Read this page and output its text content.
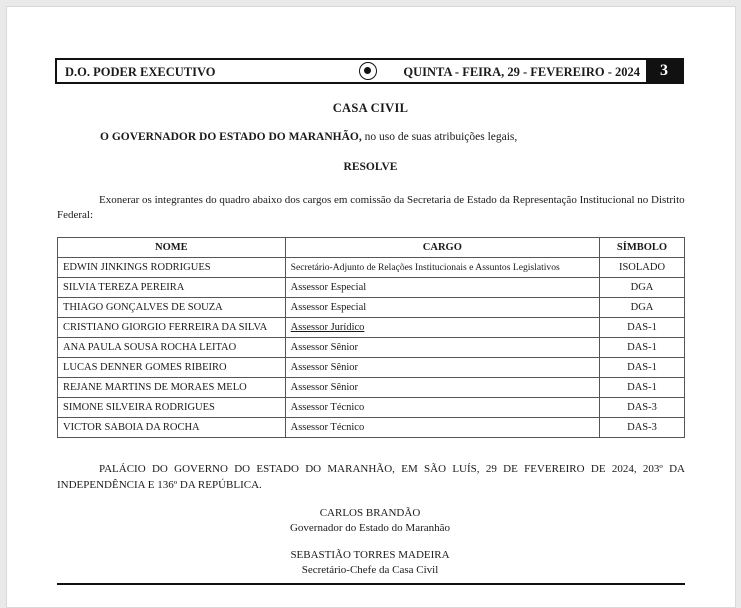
D.O. PODER EXECUTIVO	QUINTA - FEIRA, 29 - FEVEREIRO - 2024	3
CASA CIVIL
O GOVERNADOR DO ESTADO DO MARANHÃO, no uso de suas atribuições legais,
RESOLVE
Exonerar os integrantes do quadro abaixo dos cargos em comissão da Secretaria de Estado da Representação Institucional no Distrito Federal:
NOME	CARGO	SÍMBOLO
EDWIN JINKINGS RODRIGUES	Secretário-Adjunto de Relações Institucionais e Assuntos Legislativos	ISOLADO
SILVIA TEREZA PEREIRA	Assessor Especial	DGA
THIAGO GONÇALVES DE SOUZA	Assessor Especial	DGA
CRISTIANO GIORGIO FERREIRA DA SILVA	Assessor Jurídico	DAS-1
ANA PAULA SOUSA ROCHA LEITAO	Assessor Sênior	DAS-1
LUCAS DENNER GOMES RIBEIRO	Assessor Sênior	DAS-1
REJANE MARTINS DE MORAES MELO	Assessor Sênior	DAS-1
SIMONE SILVEIRA RODRIGUES	Assessor Técnico	DAS-3
VICTOR SABOIA DA ROCHA	Assessor Técnico	DAS-3
PALÁCIO DO GOVERNO DO ESTADO DO MARANHÃO, EM SÃO LUÍS, 29 DE FEVEREIRO DE 2024, 203º DA INDEPENDÊNCIA E 136º DA REPÚBLICA.
CARLOS BRANDÃO
Governador do Estado do Maranhão
SEBASTIÃO TORRES MADEIRA
Secretário-Chefe da Casa Civil
